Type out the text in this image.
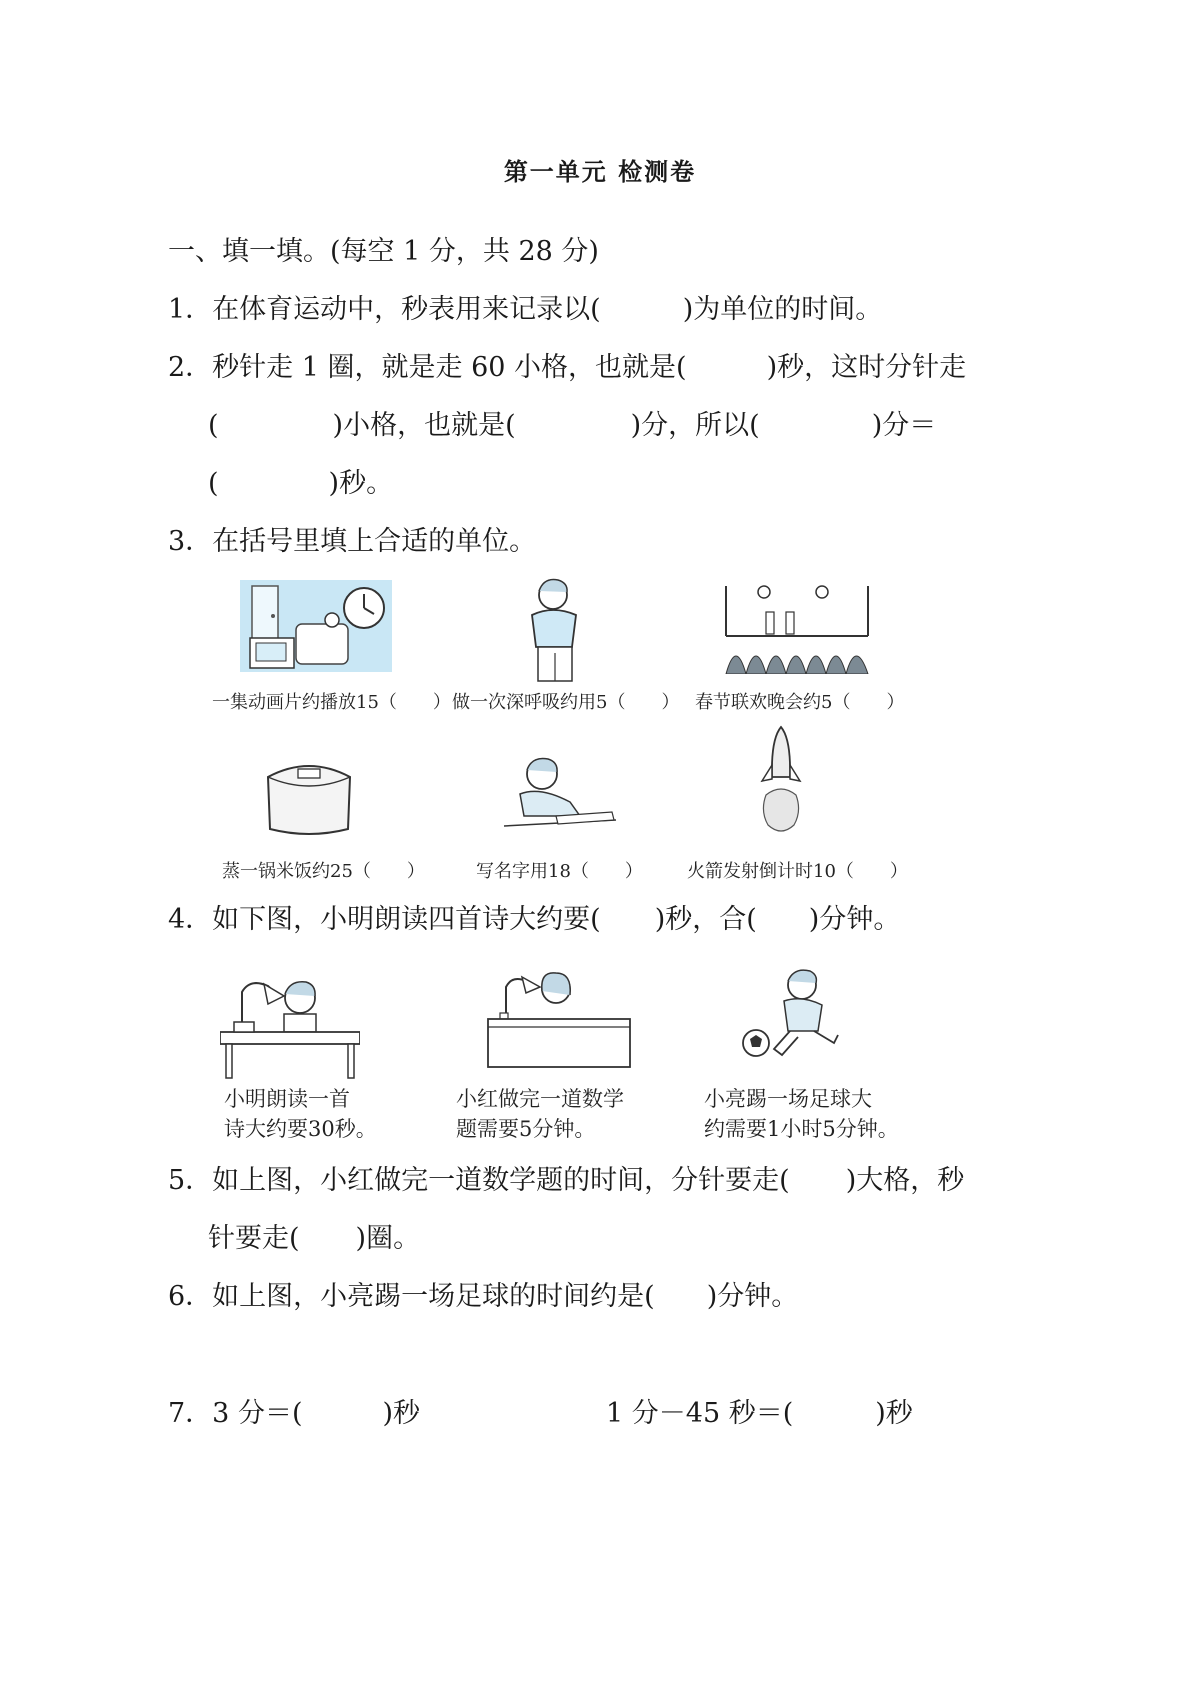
第一单元 检测卷
一、填一填。(每空 1 分，共 28 分)
1．在体育运动中，秒表用来记录以(	)为单位的时间。
2．秒针走 1 圈，就是走 60 小格，也就是(	)秒，这时分针走
(	)小格，也就是(	)分，所以(	)分＝
(	)秒。
3．在括号里填上合适的单位。
一集动画片约播放15（　　） 做一次深呼吸约用5（　　） 春节联欢晚会约5（　　）
蒸一锅米饭约25（　　）	写名字用18（　　） 火箭发射倒计时10（　　）
4．如下图，小明朗读四首诗大约要( )秒，合( )分钟。
小明朗读一首
诗大约要30秒。
小红做完一道数学
题需要5分钟。
小亮踢一场足球大
约需要1小时5分钟。
5．如上图，小红做完一道数学题的时间，分针要走( )大格，秒
针要走( )圈。
6．如上图，小亮踢一场足球的时间约是( )分钟。
7．3 分＝(	)秒	1 分－45 秒＝(	)秒
